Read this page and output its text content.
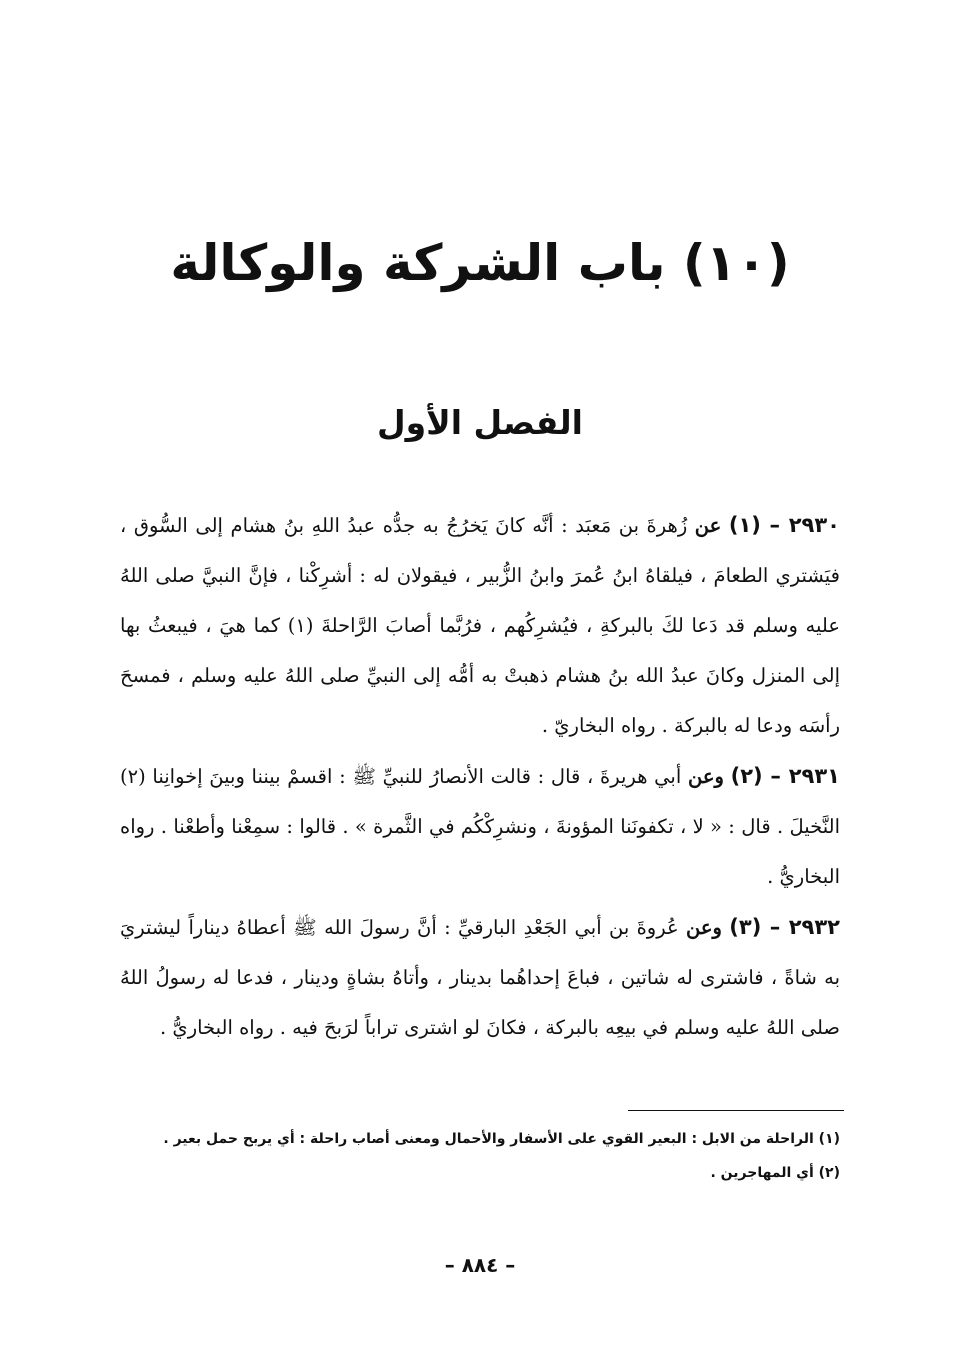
(١٠) باب الشركة والوكالة
الفصل الأول

٢٩٣٠ – (١) عن زُهرةَ بن مَعبَد : أنَّه كانَ يَخرُجُ به جدُّه عبدُ اللهِ بنُ هشام إلى السُّوق ، فيَشتري الطعامَ ، فيلقاهُ ابنُ عُمرَ وابنُ الزُّبير ، فيقولان له : أشرِكْنا ، فإنَّ النبيَّ صلى اللهُ عليه وسلم قد دَعا لكَ بالبركةِ ، فيُشرِكُهم ، فرُبَّما أصابَ الرَّاحلةَ (١) كما هيَ ، فيبعثُ بها إلى المنزل وكانَ عبدُ الله بنُ هشام ذهبتْ به أمُّه إلى النبيِّ صلى اللهُ عليه وسلم ، فمسحَ رأسَه ودعا له بالبركة . رواه البخاريّ .

٢٩٣١ – (٢) وعن أبي هريرةَ ، قال : قالت الأنصارُ للنبيِّ ﷺ : اقسمْ بيننا وبينَ إخوانِنا (٢) النَّخيلَ . قال : « لا ، تكفونَنا المؤونةَ ، ونشرِكْكُم في الثَّمرة » . قالوا : سمِعْنا وأطعْنا . رواه البخاريُّ .

٢٩٣٢ – (٣) وعن عُروةَ بن أبي الجَعْدِ البارقيِّ : أنَّ رسولَ الله ﷺ أعطاهُ ديناراً ليشتريَ به شاةً ، فاشترى له شاتين ، فباعَ إحداهُما بدينار ، وأتاهُ بشاةٍ ودينار ، فدعا له رسولُ اللهُ صلى اللهُ عليه وسلم في بيعِه بالبركة ، فكانَ لو اشترى تراباً لرَبحَ فيه . رواه البخاريُّ .

(١) الراحلة من الابل : البعير القوي على الأسفار والأحمال ومعنى أصاب راحلة : أي يربح حمل بعير .

(٢) أي المهاجرين .

– ٨٨٤ –
